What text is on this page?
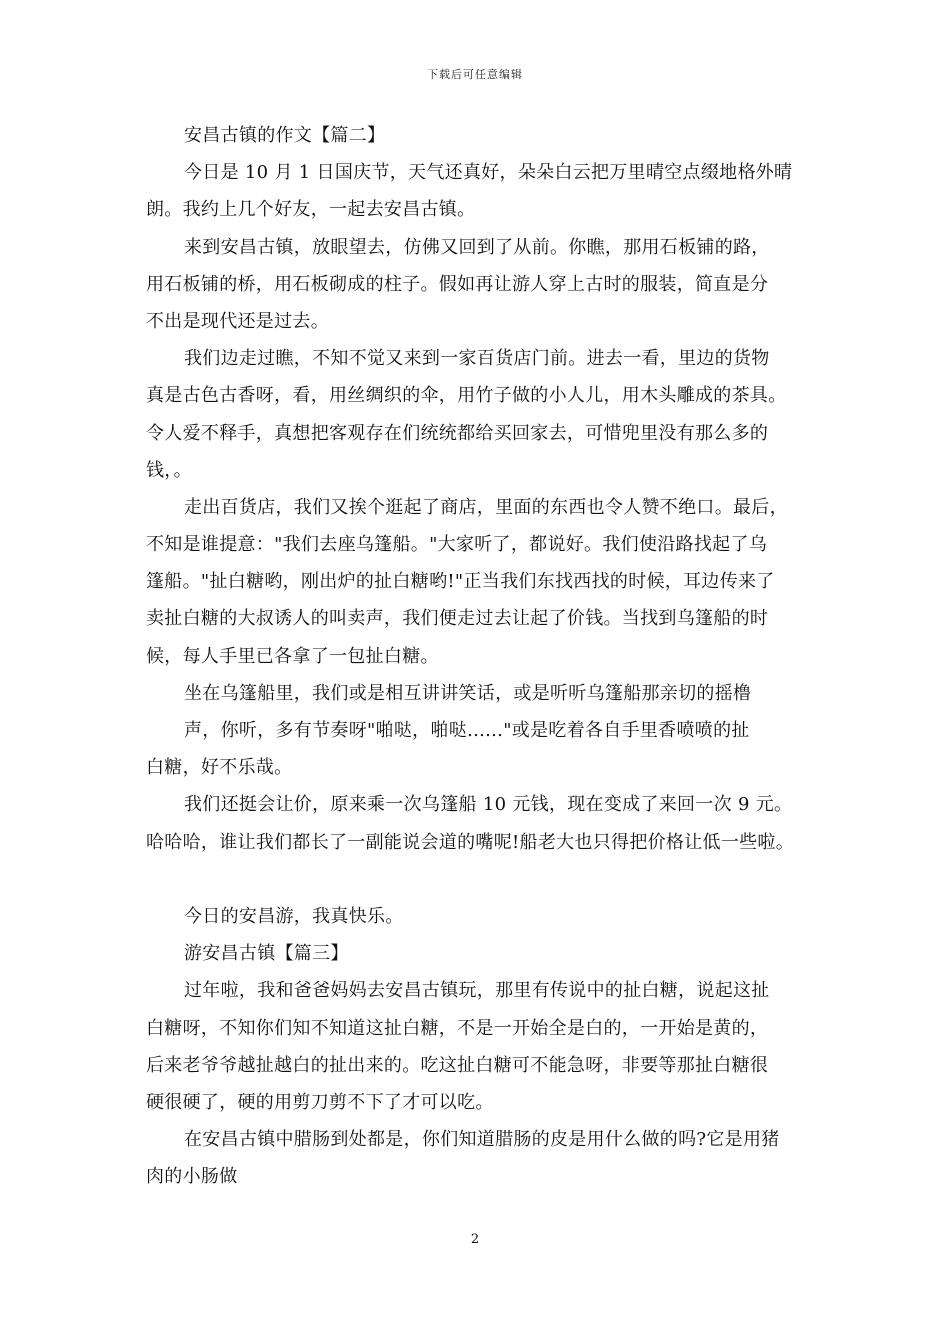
下载后可任意编辑
安昌古镇的作文【篇二】
今日是 10 月 1 日国庆节，天气还真好，朵朵白云把万里晴空点缀地格外晴
朗。我约上几个好友，一起去安昌古镇。
来到安昌古镇，放眼望去，仿佛又回到了从前。你瞧，那用石板铺的路，
用石板铺的桥，用石板砌成的柱子。假如再让游人穿上古时的服装，简直是分
不出是现代还是过去。
我们边走过瞧，不知不觉又来到一家百货店门前。进去一看，里边的货物
真是古色古香呀，看，用丝绸织的伞，用竹子做的小人儿，用木头雕成的茶具。
令人爱不释手，真想把客观存在们统统都给买回家去，可惜兜里没有那么多的
钱，。
走出百货店，我们又挨个逛起了商店，里面的东西也令人赞不绝口。最后，
不知是谁提意："我们去座乌篷船。"大家听了，都说好。我们使沿路找起了乌
篷船。"扯白糖哟，刚出炉的扯白糖哟!"正当我们东找西找的时候，耳边传来了
卖扯白糖的大叔诱人的叫卖声，我们便走过去让起了价钱。当找到乌篷船的时
候，每人手里已各拿了一包扯白糖。
坐在乌篷船里，我们或是相互讲讲笑话，或是听听乌篷船那亲切的摇橹
声，你听，多有节奏呀"啪哒，啪哒......"或是吃着各自手里香喷喷的扯
白糖，好不乐哉。
我们还挺会让价，原来乘一次乌篷船 10 元钱，现在变成了来回一次 9 元。
哈哈哈，谁让我们都长了一副能说会道的嘴呢!船老大也只得把价格让低一些啦。
今日的安昌游，我真快乐。
游安昌古镇【篇三】
过年啦，我和爸爸妈妈去安昌古镇玩，那里有传说中的扯白糖，说起这扯
白糖呀，不知你们知不知道这扯白糖，不是一开始全是白的，一开始是黄的，
后来老爷爷越扯越白的扯出来的。吃这扯白糖可不能急呀，非要等那扯白糖很
硬很硬了，硬的用剪刀剪不下了才可以吃。
在安昌古镇中腊肠到处都是，你们知道腊肠的皮是用什么做的吗?它是用猪
肉的小肠做
2
